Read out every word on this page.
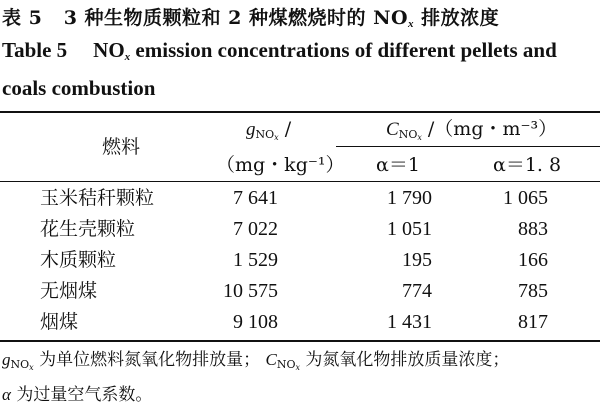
表 5 3 种生物质颗粒和 2 种煤燃烧时的 $NO_x$ 排放浓度
Table 5 $NO_x$ emission concentrations of different pellets and coals combustion
燃料
$g_{NO_x}$ /
（mg・kg⁻¹）
$C_{NO_x}$ /（mg・m⁻³）
α＝1	α＝1. 8
玉米秸秆颗粒	7 641	1 790	1 065
花生壳颗粒	7 022	1 051	883
木质颗粒	1 529	195	166
无烟煤	10 575	774	785
烟煤	9 108	1 431	817
$g_{NO_x}$ 为单位燃料氮氧化物排放量； $C_{NO_x}$ 为氮氧化物排放质量浓度；
α 为过量空气系数。
